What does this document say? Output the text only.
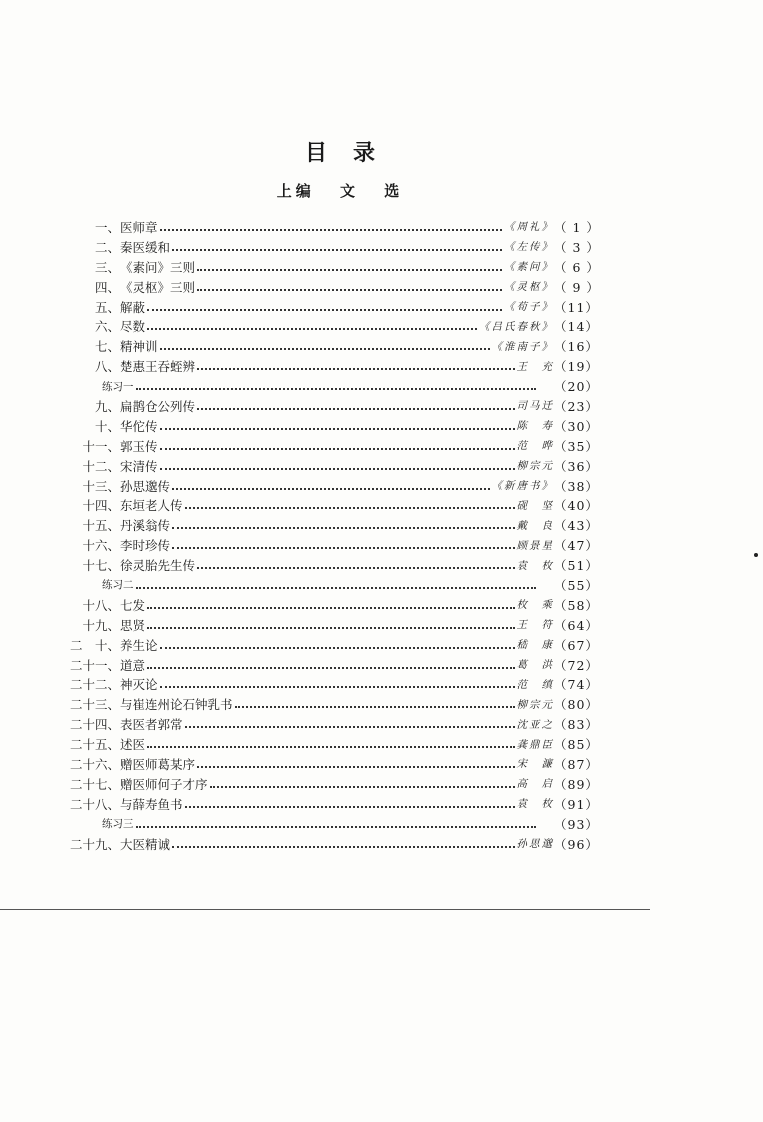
目录
上编 文 选
一、 医师章	《周礼》 （ 1 ）
二、 秦医缓和	《左传》 （ 3 ）
三、 《素问》三则	《素问》 （ 6 ）
四、 《灵枢》三则	《灵枢》 （ 9 ）
五、 解蔽	《荀子》 （11）
六、 尽数	《吕氏春秋》 （14）
七、 精神训	《淮南子》 （16）
八、 楚惠王吞蛭辨	王　充 （19）
练习一	（20）
九、 扁鹊仓公列传	司马迁 （23）
十、 华佗传	陈　寿 （30）
十一、 郭玉传	范　晔 （35）
十二、 宋清传	柳宗元 （36）
十三、 孙思邈传	《新唐书》 （38）
十四、 东垣老人传	砚　坚 （40）
十五、 丹溪翁传	戴　良 （43）
十六、 李时珍传	顾景星 （47）
十七、 徐灵胎先生传	袁　枚 （51）
练习二	（55）
十八、 七发	枚　乘 （58）
十九、 思贤	王　符 （64）
二　十、 养生论	嵇　康 （67）
二十一、 道意	葛　洪 （72）
二十二、 神灭论	范　缜 （74）
二十三、 与崔连州论石钟乳书	柳宗元 （80）
二十四、 表医者郭常	沈亚之 （83）
二十五、 述医	龚鼎臣 （85）
二十六、 赠医师葛某序	宋　濂 （87）
二十七、 赠医师何子才序	高　启 （89）
二十八、 与薛寿鱼书	袁　枚 （91）
练习三	（93）
二十九、 大医精诚	孙思邈 （96）
